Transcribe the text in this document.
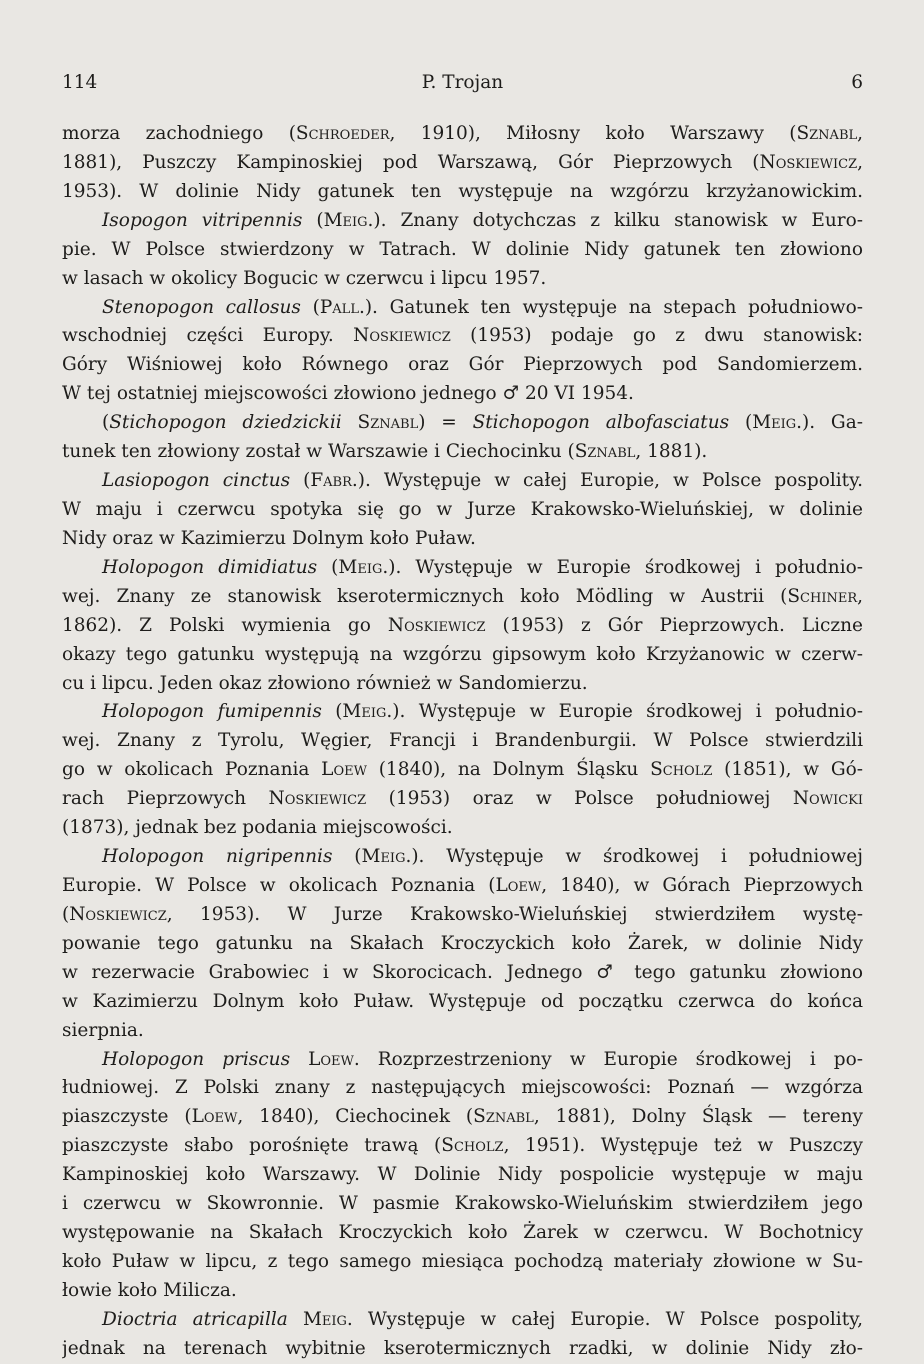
114	P. Trojan	6
morza zachodniego (Schroeder, 1910), Miłosny koło Warszawy (Sznabl,
1881), Puszczy Kampinoskiej pod Warszawą, Gór Pieprzowych (Noskiewicz,
1953). W dolinie Nidy gatunek ten występuje na wzgórzu krzyżanowickim.
Isopogon vitripennis (Meig.). Znany dotychczas z kilku stanowisk w Euro-
pie. W Polsce stwierdzony w Tatrach. W dolinie Nidy gatunek ten złowiono
w lasach w okolicy Bogucic w czerwcu i lipcu 1957.
Stenopogon callosus (Pall.). Gatunek ten występuje na stepach południowo-
wschodniej części Europy. Noskiewicz (1953) podaje go z dwu stanowisk:
Góry Wiśniowej koło Równego oraz Gór Pieprzowych pod Sandomierzem.
W tej ostatniej miejscowości złowiono jednego ♂ 20 VI 1954.
(Stichopogon dziedzickii Sznabl) = Stichopogon albofasciatus (Meig.). Ga-
tunek ten złowiony został w Warszawie i Ciechocinku (Sznabl, 1881).
Lasiopogon cinctus (Fabr.). Występuje w całej Europie, w Polsce pospolity.
W maju i czerwcu spotyka się go w Jurze Krakowsko-Wieluńskiej, w dolinie
Nidy oraz w Kazimierzu Dolnym koło Puław.
Holopogon dimidiatus (Meig.). Występuje w Europie środkowej i południo-
wej. Znany ze stanowisk kserotermicznych koło Mödling w Austrii (Schiner,
1862). Z Polski wymienia go Noskiewicz (1953) z Gór Pieprzowych. Liczne
okazy tego gatunku występują na wzgórzu gipsowym koło Krzyżanowic w czerw-
cu i lipcu. Jeden okaz złowiono również w Sandomierzu.
Holopogon fumipennis (Meig.). Występuje w Europie środkowej i południo-
wej. Znany z Tyrolu, Węgier, Francji i Brandenburgii. W Polsce stwierdzili
go w okolicach Poznania Loew (1840), na Dolnym Śląsku Scholz (1851), w Gó-
rach Pieprzowych Noskiewicz (1953) oraz w Polsce południowej Nowicki
(1873), jednak bez podania miejscowości.
Holopogon nigripennis (Meig.). Występuje w środkowej i południowej
Europie. W Polsce w okolicach Poznania (Loew, 1840), w Górach Pieprzowych
(Noskiewicz, 1953). W Jurze Krakowsko-Wieluńskiej stwierdziłem wystę-
powanie tego gatunku na Skałach Kroczyckich koło Żarek, w dolinie Nidy
w rezerwacie Grabowiec i w Skorocicach. Jednego ♂ tego gatunku złowiono
w Kazimierzu Dolnym koło Puław. Występuje od początku czerwca do końca
sierpnia.
Holopogon priscus Loew. Rozprzestrzeniony w Europie środkowej i po-
łudniowej. Z Polski znany z następujących miejscowości: Poznań — wzgórza
piaszczyste (Loew, 1840), Ciechocinek (Sznabl, 1881), Dolny Śląsk — tereny
piaszczyste słabo porośnięte trawą (Scholz, 1951). Występuje też w Puszczy
Kampinoskiej koło Warszawy. W Dolinie Nidy pospolicie występuje w maju
i czerwcu w Skowronnie. W pasmie Krakowsko-Wieluńskim stwierdziłem jego
występowanie na Skałach Kroczyckich koło Żarek w czerwcu. W Bochotnicy
koło Puław w lipcu, z tego samego miesiąca pochodzą materiały złowione w Su-
łowie koło Milicza.
Dioctria atricapilla Meig. Występuje w całej Europie. W Polsce pospolity,
jednak na terenach wybitnie kserotermicznych rzadki, w dolinie Nidy zło-
